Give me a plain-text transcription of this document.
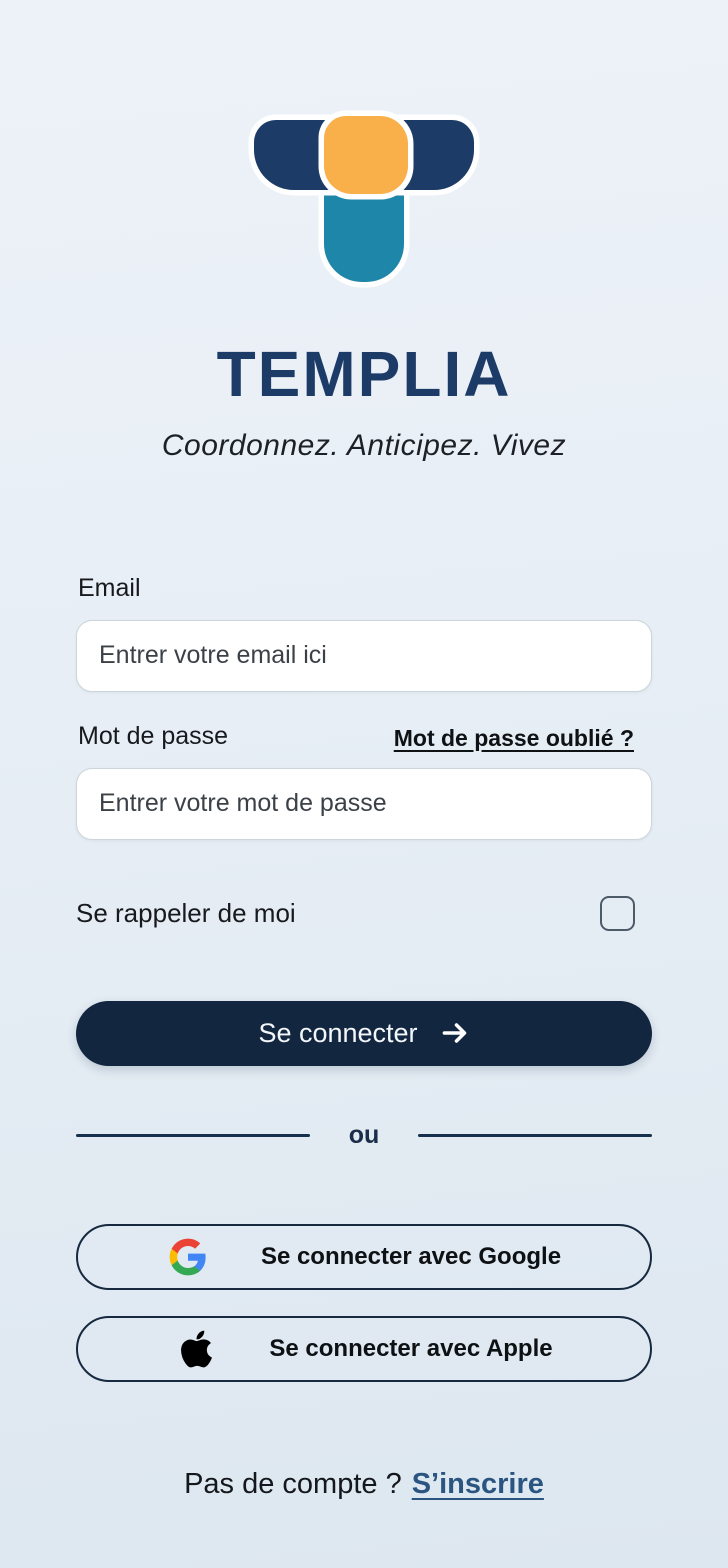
TEMPLIA
Coordonnez. Anticipez. Vivez
Email
Entrer votre email ici
Mot de passe	Mot de passe oublié ?
Se rappeler de moi
Se connecter
ou
Se connecter avec Google
Se connecter avec Apple
Pas de compte ? S’inscrire
